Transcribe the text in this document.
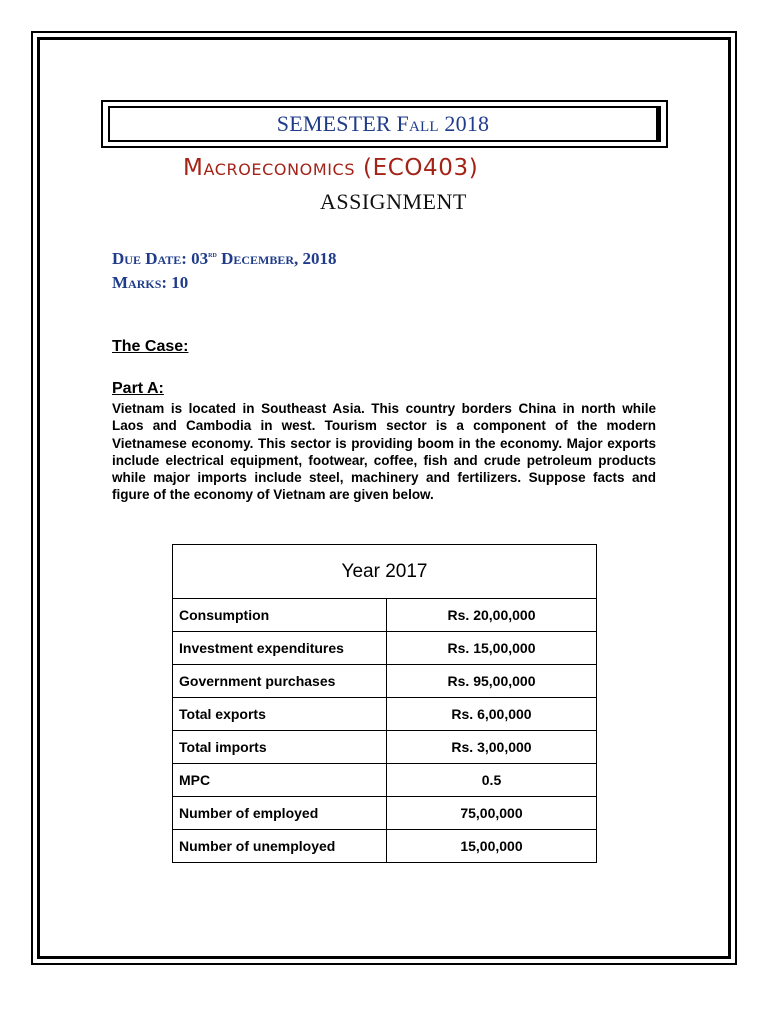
SEMESTER Fall 2018
Macroeconomics (ECO403)
ASSIGNMENT
Due Date: 03rd December, 2018
Marks: 10
The Case:
Part A:
Vietnam is located in Southeast Asia. This country borders China in north while Laos and Cambodia in west. Tourism sector is a component of the modern Vietnamese economy. This sector is providing boom in the economy. Major exports include electrical equipment, footwear, coffee, fish and crude petroleum products while major imports include steel, machinery and fertilizers. Suppose facts and figure of the economy of Vietnam are given below.
Year 2017	
Consumption	Rs. 20,00,000
Investment expenditures	Rs. 15,00,000
Government purchases	Rs. 95,00,000
Total exports	Rs. 6,00,000
Total imports	Rs. 3,00,000
MPC	0.5
Number of employed	75,00,000
Number of unemployed	15,00,000
